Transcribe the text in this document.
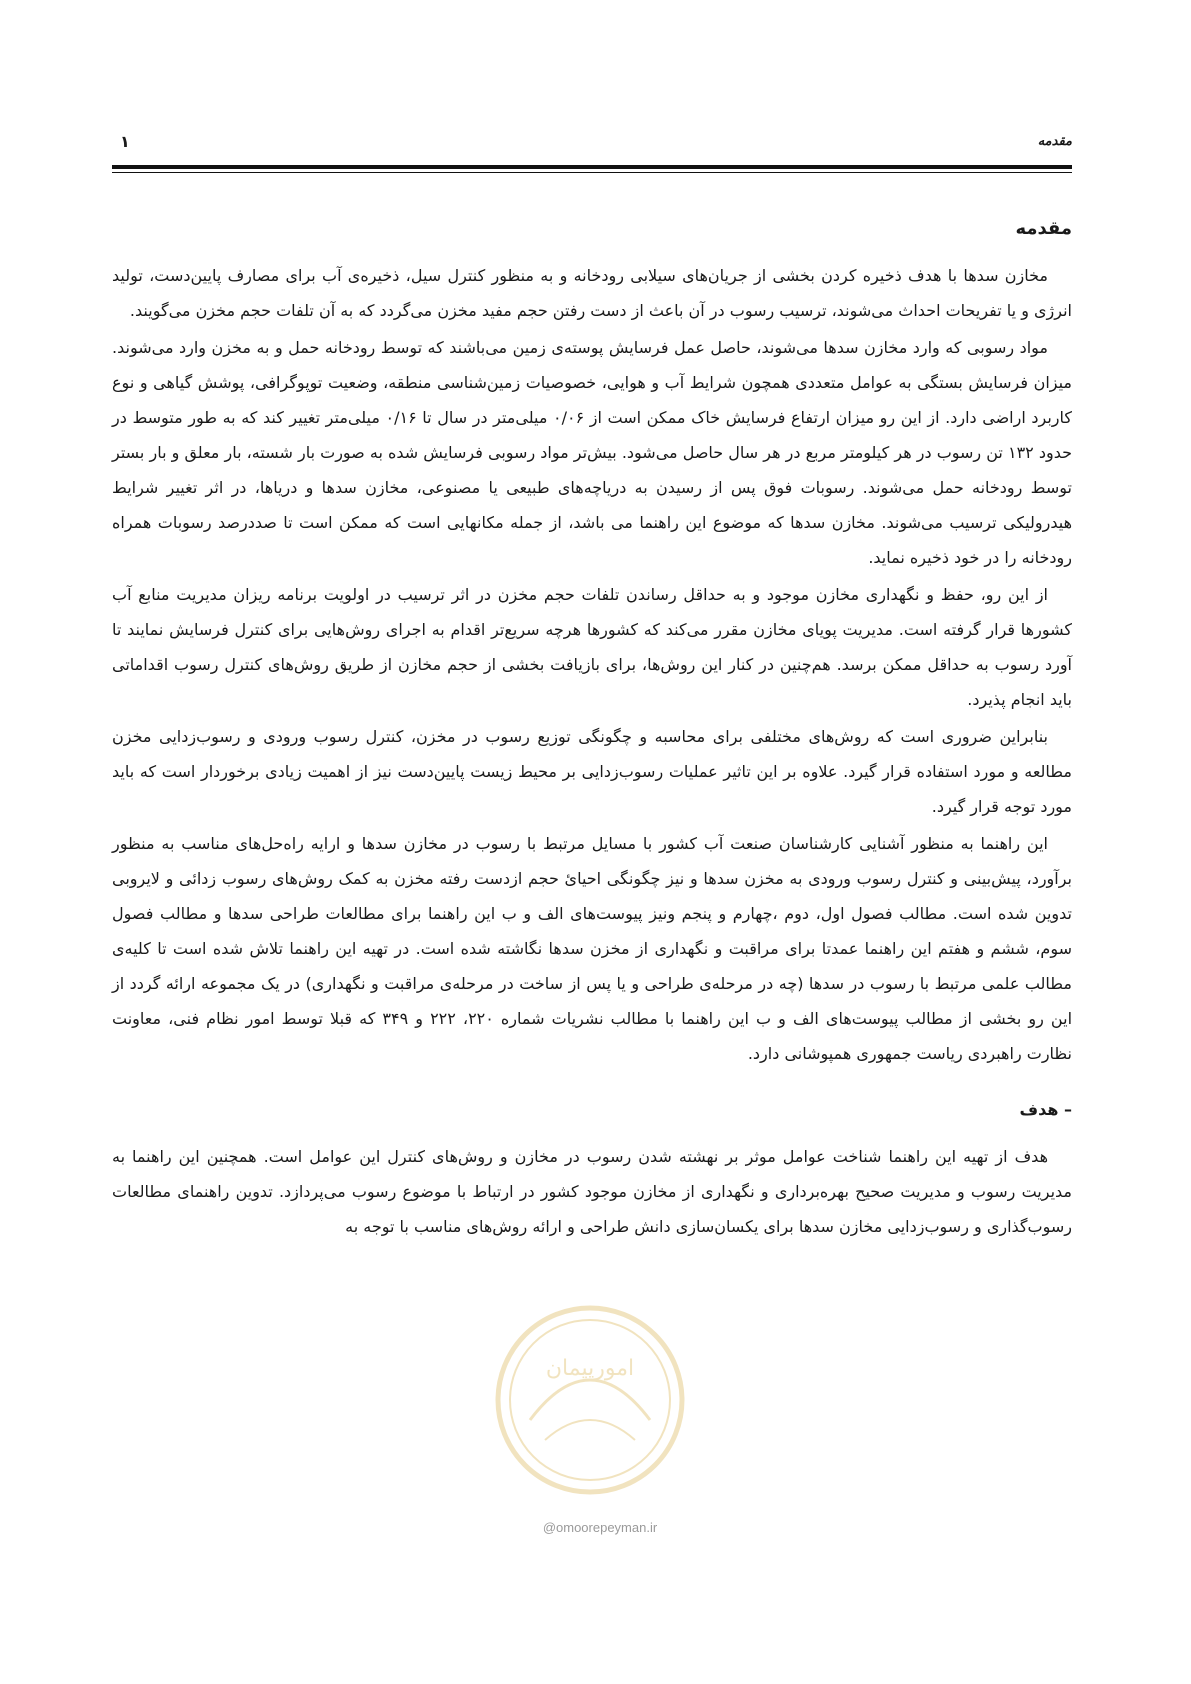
مقدمه
۱
مقدمه

مخازن سدها با هدف ذخیره کردن بخشی از جریان‌های سیلابی رودخانه و به منظور کنترل سیل، ذخیره‌ی آب برای مصارف پایین‌دست، تولید انرژی و یا تفریحات احداث می‌شوند، ترسیب رسوب در آن باعث از دست رفتن حجم مفید مخزن می‌گردد که به آن تلفات حجم مخزن می‌گویند.

مواد رسوبی که وارد مخازن سدها می‌شوند، حاصل عمل فرسایش پوسته‌ی زمین می‌باشند که توسط رودخانه حمل و به مخزن وارد می‌شوند. میزان فرسایش بستگی به عوامل متعددی همچون شرایط آب و هوایی، خصوصیات زمین‌شناسی منطقه، وضعیت توپوگرافی، پوشش گیاهی و نوع کاربرد اراضی دارد. از این رو میزان ارتفاع فرسایش خاک ممکن است از ۰/۰۶ میلی‌متر در سال تا ۰/۱۶ میلی‌متر تغییر کند که به طور متوسط در حدود ۱۳۲ تن رسوب در هر کیلومتر مربع در هر سال حاصل می‌شود. بیش‌تر مواد رسوبی فرسایش شده به صورت بار شسته، بار معلق و بار بستر توسط رودخانه حمل می‌شوند. رسوبات فوق پس از رسیدن به دریاچه‌های طبیعی یا مصنوعی، مخازن سدها و دریاها، در اثر تغییر شرایط هیدرولیکی ترسیب می‌شوند. مخازن سدها که موضوع این راهنما می باشد، از جمله مکانهایی است که ممکن است تا صددرصد رسوبات همراه رودخانه را در خود ذخیره نماید.

از این رو، حفظ و نگهداری مخازن موجود و به حداقل رساندن تلفات حجم مخزن در اثر ترسیب در اولویت برنامه ریزان مدیریت منابع آب کشورها قرار گرفته است. مدیریت پویای مخازن مقرر می‌کند که کشورها هرچه سریع‌تر اقدام به اجرای روش‌هایی برای کنترل فرسایش نمایند تا آورد رسوب به حداقل ممکن برسد. هم‌چنین در کنار این روش‌ها، برای بازیافت بخشی از حجم مخازن از طریق روش‌های کنترل رسوب اقداماتی باید انجام پذیرد.

بنابراین ضروری است که روش‌های مختلفی برای محاسبه و چگونگی توزیع رسوب در مخزن، کنترل رسوب ورودی و رسوب‌زدایی مخزن مطالعه و مورد استفاده قرار گیرد. علاوه بر این تاثیر عملیات رسوب‌زدایی بر محیط زیست پایین‌دست نیز از اهمیت زیادی برخوردار است که باید مورد توجه قرار گیرد.

این راهنما به منظور آشنایی کارشناسان صنعت آب کشور با مسایل مرتبط با رسوب در مخازن سدها و ارایه راه‌حل‌های مناسب به منظور برآورد، پیش‌بینی و کنترل رسوب ورودی به مخزن سدها و نیز چگونگی احیائ حجم ازدست رفته مخزن به کمک روش‌های رسوب زدائی و لایروبی تدوین شده است. مطالب فصول اول، دوم ،چهارم و پنجم ونیز پیوست‌های الف و ب این راهنما برای مطالعات طراحی سدها و مطالب فصول سوم، ششم و هفتم این راهنما عمدتا برای مراقبت و نگهداری از مخزن سدها نگاشته شده است. در تهیه این راهنما تلاش شده است تا کلیه‌ی مطالب علمی مرتبط با رسوب در سدها (چه در مرحله‌ی طراحی و یا پس از ساخت در مرحله‌ی مراقبت و نگهداری) در یک مجموعه ارائه گردد از این رو بخشی از مطالب پیوست‌های الف و ب این راهنما با مطالب نشریات شماره ۲۲۰، ۲۲۲ و ۳۴۹ که قبلا توسط امور نظام فنی، معاونت نظارت راهبردی ریاست جمهوری همپوشانی دارد.

– هدف

هدف از تهیه این راهنما شناخت عوامل موثر بر نهشته شدن رسوب در مخازن و روش‌های کنترل این عوامل است. همچنین این راهنما به مدیریت رسوب و مدیریت صحیح بهره‌برداری و نگهداری از مخازن موجود کشور در ارتباط با موضوع رسوب می‌پردازد. تدوین راهنمای مطالعات رسوب‌گذاری و رسوب‌زدایی مخازن سدها برای یکسان‌سازی دانش طراحی و ارائه روش‌های مناسب با توجه به

امورپیمان
@omoorepeyman.ir
